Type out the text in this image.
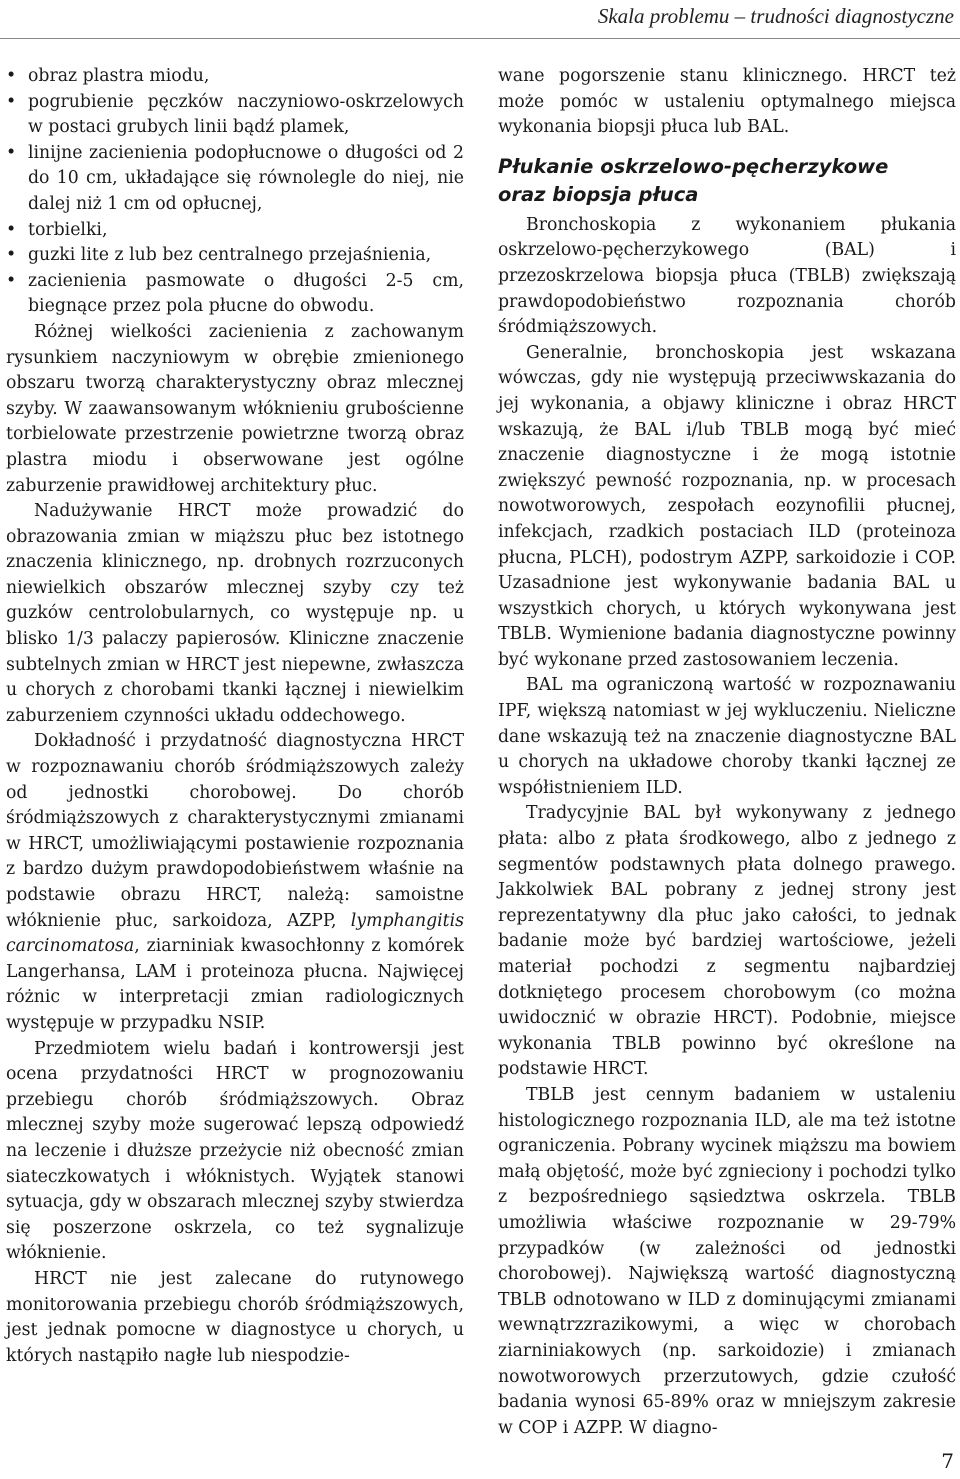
Skala problemu – trudności diagnostyczne
• obraz plastra miodu,
• pogrubienie pęczków naczyniowo-oskrzelowych w postaci grubych linii bądź plamek,
• linijne zacienienia podopłucnowe o długości od 2 do 10 cm, układające się równolegle do niej, nie dalej niż 1 cm od opłucnej,
• torbielki,
• guzki lite z lub bez centralnego przejaśnienia,
• zacienienia pasmowate o długości 2-5 cm, biegnące przez pola płucne do obwodu.

Różnej wielkości zacienienia z zachowanym rysunkiem naczyniowym w obrębie zmienionego obszaru tworzą charakterystyczny obraz mlecznej szyby. W zaawansowanym włóknieniu grubościenne torbielowate przestrzenie powietrzne tworzą obraz plastra miodu i obserwowane jest ogólne zaburzenie prawidłowej architektury płuc.

Nadużywanie HRCT może prowadzić do obrazowania zmian w miąższu płuc bez istotnego znaczenia klinicznego, np. drobnych rozrzuconych niewielkich obszarów mlecznej szyby czy też guzków centrolobularnych, co występuje np. u blisko 1/3 palaczy papierosów. Kliniczne znaczenie subtelnych zmian w HRCT jest niepewne, zwłaszcza u chorych z chorobami tkanki łącznej i niewielkim zaburzeniem czynności układu oddechowego.

Dokładność i przydatność diagnostyczna HRCT w rozpoznawaniu chorób śródmiąższowych zależy od jednostki chorobowej. Do chorób śródmiąższowych z charakterystycznymi zmianami w HRCT, umożliwiającymi postawienie rozpoznania z bardzo dużym prawdopodobieństwem właśnie na podstawie obrazu HRCT, należą: samoistne włóknienie płuc, sarkoidoza, AZPP, lymphangitis carcinomatosa, ziarniniak kwasochłonny z komórek Langerhansa, LAM i proteinoza płucna. Najwięcej różnic w interpretacji zmian radiologicznych występuje w przypadku NSIP.

Przedmiotem wielu badań i kontrowersji jest ocena przydatności HRCT w prognozowaniu przebiegu chorób śródmiąższowych. Obraz mlecznej szyby może sugerować lepszą odpowiedź na leczenie i dłuższe przeżycie niż obecność zmian siateczkowatych i włóknistych. Wyjątek stanowi sytuacja, gdy w obszarach mlecznej szyby stwierdza się poszerzone oskrzela, co też sygnalizuje włóknienie.

HRCT nie jest zalecane do rutynowego monitorowania przebiegu chorób śródmiąższowych, jest jednak pomocne w diagnostyce u chorych, u których nastąpiło nagłe lub niespodzie-

wane pogorszenie stanu klinicznego. HRCT też może pomóc w ustaleniu optymalnego miejsca wykonania biopsji płuca lub BAL.

Płukanie oskrzelowo-pęcherzykowe
oraz biopsja płuca

Bronchoskopia z wykonaniem płukania oskrzelowo-pęcherzykowego (BAL) i przezoskrzelowa biopsja płuca (TBLB) zwiększają prawdopodobieństwo rozpoznania chorób śródmiąższowych.

Generalnie, bronchoskopia jest wskazana wówczas, gdy nie występują przeciwwskazania do jej wykonania, a objawy kliniczne i obraz HRCT wskazują, że BAL i/lub TBLB mogą być mieć znaczenie diagnostyczne i że mogą istotnie zwiększyć pewność rozpoznania, np. w procesach nowotworowych, zespołach eozynofilii płucnej, infekcjach, rzadkich postaciach ILD (proteinoza płucna, PLCH), podostrym AZPP, sarkoidozie i COP. Uzasadnione jest wykonywanie badania BAL u wszystkich chorych, u których wykonywana jest TBLB. Wymienione badania diagnostyczne powinny być wykonane przed zastosowaniem leczenia.

BAL ma ograniczoną wartość w rozpoznawaniu IPF, większą natomiast w jej wykluczeniu. Nieliczne dane wskazują też na znaczenie diagnostyczne BAL u chorych na układowe choroby tkanki łącznej ze współistnieniem ILD.

Tradycyjnie BAL był wykonywany z jednego płata: albo z płata środkowego, albo z jednego z segmentów podstawnych płata dolnego prawego. Jakkolwiek BAL pobrany z jednej strony jest reprezentatywny dla płuc jako całości, to jednak badanie może być bardziej wartościowe, jeżeli materiał pochodzi z segmentu najbardziej dotkniętego procesem chorobowym (co można uwidocznić w obrazie HRCT). Podobnie, miejsce wykonania TBLB powinno być określone na podstawie HRCT.

TBLB jest cennym badaniem w ustaleniu histologicznego rozpoznania ILD, ale ma też istotne ograniczenia. Pobrany wycinek miąższu ma bowiem małą objętość, może być zgnieciony i pochodzi tylko z bezpośredniego sąsiedztwa oskrzela. TBLB umożliwia właściwe rozpoznanie w 29-79% przypadków (w zależności od jednostki chorobowej). Największą wartość diagnostyczną TBLB odnotowano w ILD z dominującymi zmianami wewnątrzzrazikowymi, a więc w chorobach ziarniniakowych (np. sarkoidozie) i zmianach nowotworowych przerzutowych, gdzie czułość badania wynosi 65-89% oraz w mniejszym zakresie w COP i AZPP. W diagno-

7
